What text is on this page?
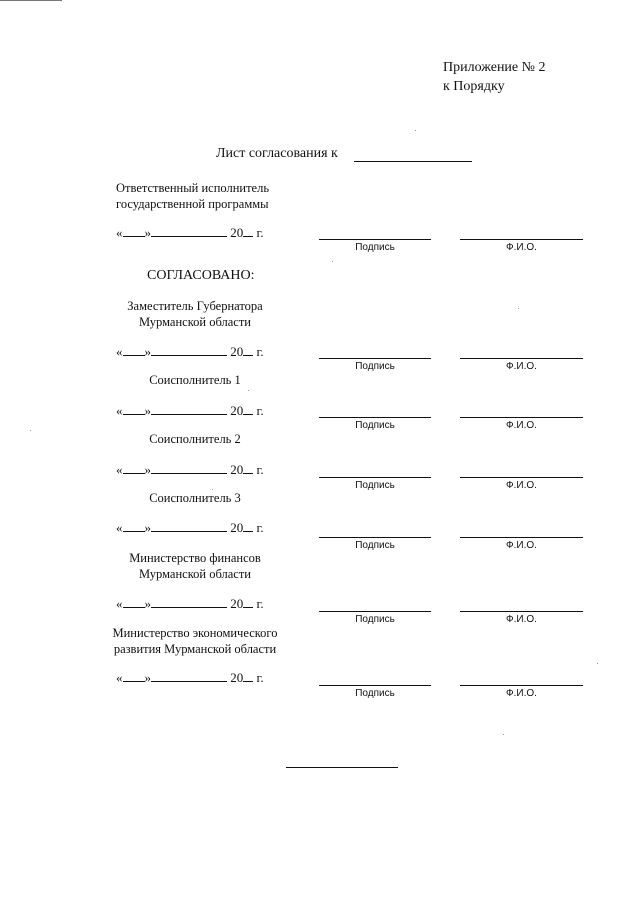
Приложение № 2
к Порядку
Лист согласования к
Ответственный исполнитель
государственной программы
« »	20 г.
Подпись	Ф.И.О.
СОГЛАСОВАНО:
Заместитель Губернатора
Мурманской области
« »	20 г.
Подпись	Ф.И.О.
Соисполнитель 1
« »	20 г.
Подпись	Ф.И.О.
Соисполнитель 2
« »	20 г.
Подпись	Ф.И.О.
Соисполнитель 3
« »	20 г.
Подпись	Ф.И.О.
Министерство финансов
Мурманской области
« »	20 г.
Подпись	Ф.И.О.
Министерство экономического
развития Мурманской области
« »	20 г.
Подпись	Ф.И.О.
